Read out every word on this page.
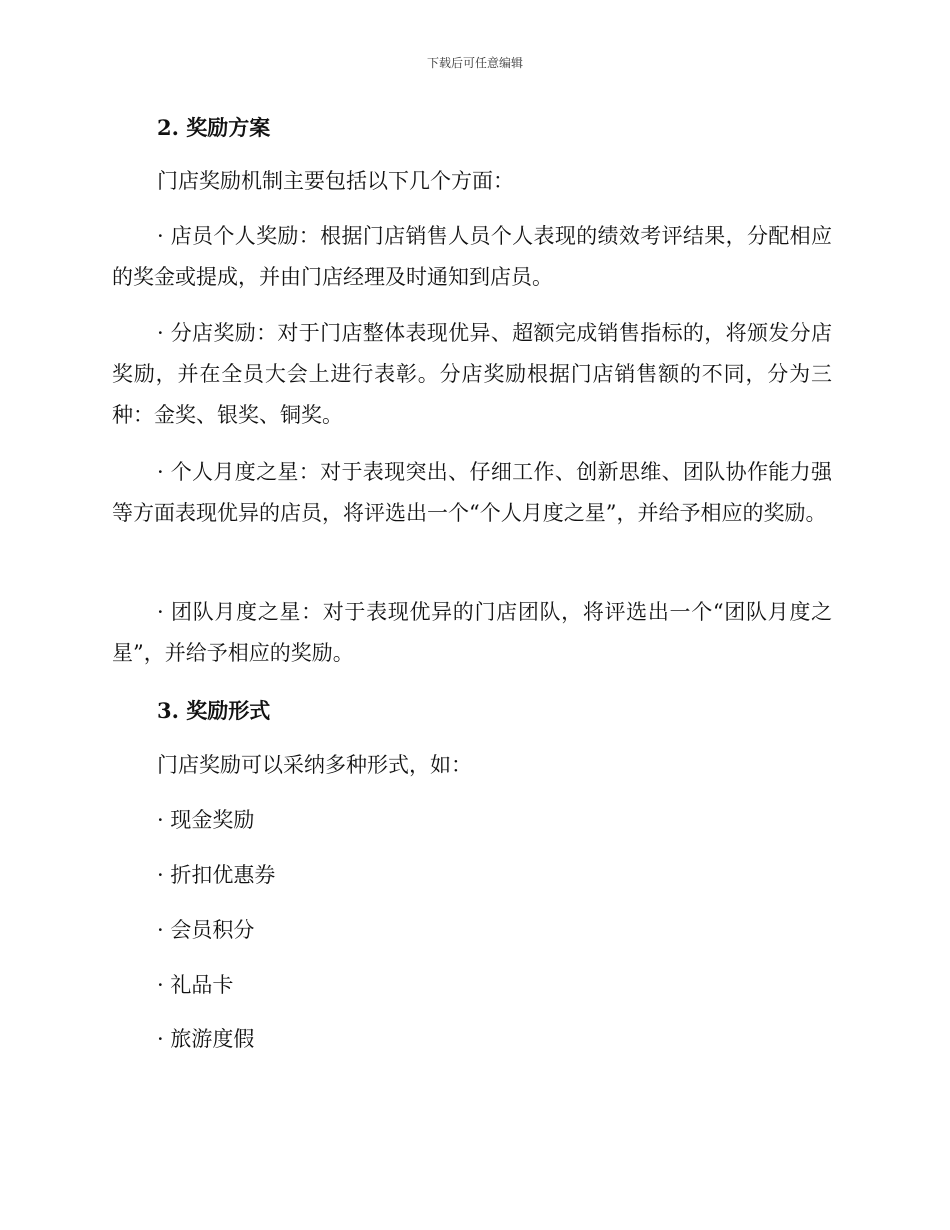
下载后可任意编辑
2. 奖励方案
门店奖励机制主要包括以下几个方面：
· 店员个人奖励：根据门店销售人员个人表现的绩效考评结果，分配相应的奖金或提成，并由门店经理及时通知到店员。
· 分店奖励：对于门店整体表现优异、超额完成销售指标的，将颁发分店奖励，并在全员大会上进行表彰。分店奖励根据门店销售额的不同，分为三种：金奖、银奖、铜奖。
· 个人月度之星：对于表现突出、仔细工作、创新思维、团队协作能力强等方面表现优异的店员，将评选出一个“个人月度之星”，并给予相应的奖励。
· 团队月度之星：对于表现优异的门店团队，将评选出一个“团队月度之星”，并给予相应的奖励。
3. 奖励形式
门店奖励可以采纳多种形式，如：
· 现金奖励
· 折扣优惠券
· 会员积分
· 礼品卡
· 旅游度假
